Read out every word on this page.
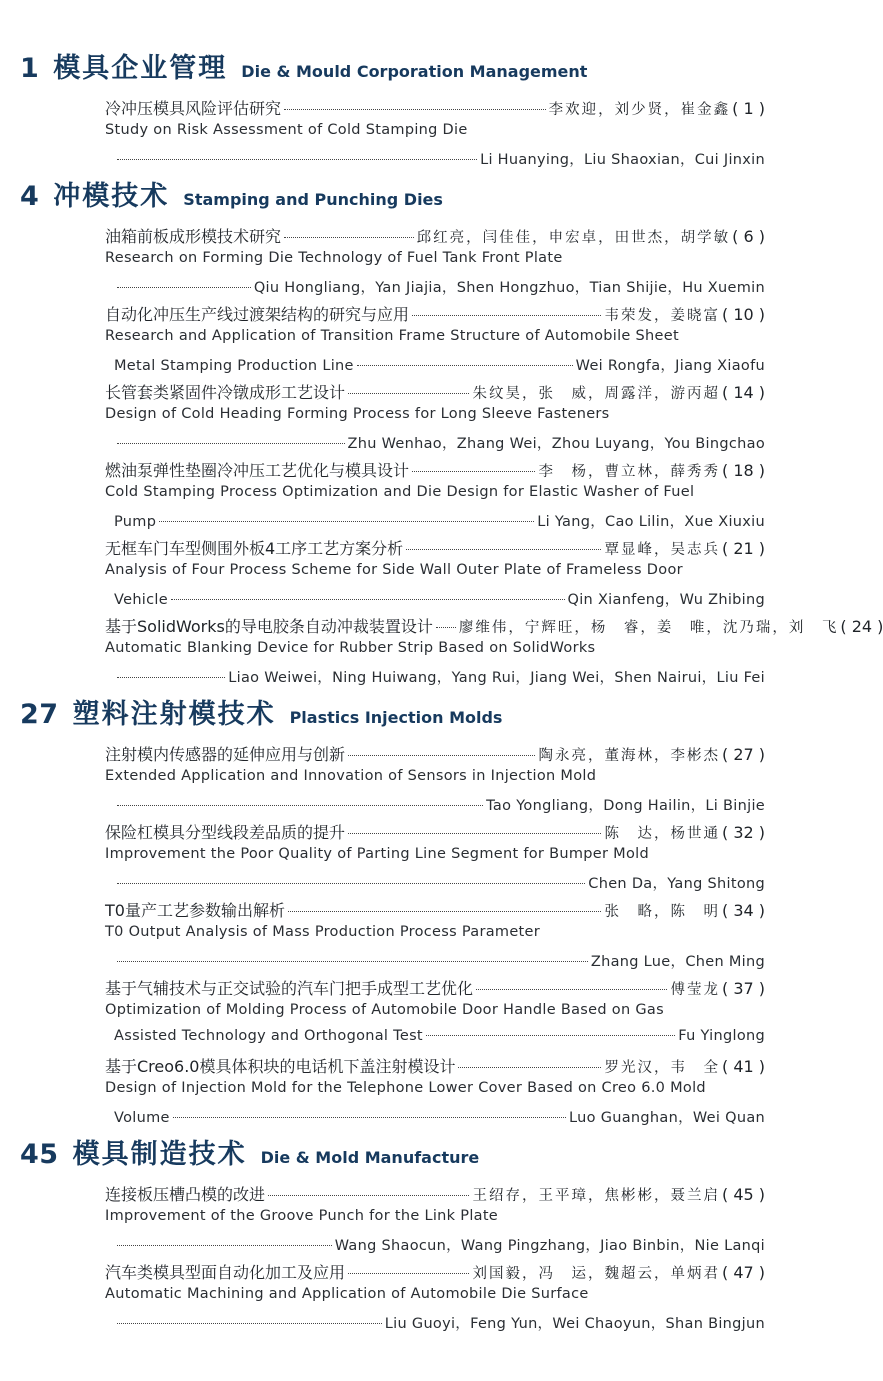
1 模具企业管理 Die & Mould Corporation Management
冷冲压模具风险评估研究	李欢迎，刘少贤，崔金鑫 ( 1 )
Study on Risk Assessment of Cold Stamping Die
Li Huanying，Liu Shaoxian，Cui Jinxin
4 冲模技术 Stamping and Punching Dies
油箱前板成形模技术研究	邱红亮，闫佳佳，申宏卓，田世杰，胡学敏 ( 6 )
Research on Forming Die Technology of Fuel Tank Front Plate
Qiu Hongliang，Yan Jiajia，Shen Hongzhuo，Tian Shijie，Hu Xuemin
自动化冲压生产线过渡架结构的研究与应用	韦荣发，姜晓富 ( 10 )
Research and Application of Transition Frame Structure of Automobile Sheet
Metal Stamping Production Line	Wei Rongfa，Jiang Xiaofu
长管套类紧固件冷镦成形工艺设计	朱纹昊，张　威，周露洋，游丙超 ( 14 )
Design of Cold Heading Forming Process for Long Sleeve Fasteners
Zhu Wenhao，Zhang Wei，Zhou Luyang，You Bingchao
燃油泵弹性垫圈冷冲压工艺优化与模具设计	李　杨，曹立林，薛秀秀 ( 18 )
Cold Stamping Process Optimization and Die Design for Elastic Washer of Fuel
Pump	Li Yang，Cao Lilin，Xue Xiuxiu
无框车门车型侧围外板4工序工艺方案分析	覃显峰，吴志兵 ( 21 )
Analysis of Four Process Scheme for Side Wall Outer Plate of Frameless Door
Vehicle	Qin Xianfeng，Wu Zhibing
基于SolidWorks的导电胶条自动冲裁装置设计 廖维伟，宁辉旺，杨　睿，姜　唯，沈乃瑞，刘　飞 ( 24 )
Automatic Blanking Device for Rubber Strip Based on SolidWorks
Liao Weiwei，Ning Huiwang，Yang Rui，Jiang Wei，Shen Nairui，Liu Fei
27 塑料注射模技术 Plastics Injection Molds
注射模内传感器的延伸应用与创新	陶永亮，董海林，李彬杰 ( 27 )
Extended Application and Innovation of Sensors in Injection Mold
Tao Yongliang，Dong Hailin，Li Binjie
保险杠模具分型线段差品质的提升	陈　达，杨世通 ( 32 )
Improvement the Poor Quality of Parting Line Segment for Bumper Mold
Chen Da，Yang Shitong
T0量产工艺参数输出解析	张　略，陈　明 ( 34 )
T0 Output Analysis of Mass Production Process Parameter
Zhang Lue，Chen Ming
基于气辅技术与正交试验的汽车门把手成型工艺优化	傅莹龙 ( 37 )
Optimization of Molding Process of Automobile Door Handle Based on Gas
Assisted Technology and Orthogonal Test	Fu Yinglong
基于Creo6.0模具体积块的电话机下盖注射模设计	罗光汉，韦　全 ( 41 )
Design of Injection Mold for the Telephone Lower Cover Based on Creo 6.0 Mold
Volume	Luo Guanghan，Wei Quan
45 模具制造技术 Die & Mold Manufacture
连接板压槽凸模的改进	王绍存，王平璋，焦彬彬，聂兰启 ( 45 )
Improvement of the Groove Punch for the Link Plate
Wang Shaocun，Wang Pingzhang，Jiao Binbin，Nie Lanqi
汽车类模具型面自动化加工及应用	刘国毅，冯　运，魏超云，单炳君 ( 47 )
Automatic Machining and Application of Automobile Die Surface
Liu Guoyi，Feng Yun，Wei Chaoyun，Shan Bingjun
